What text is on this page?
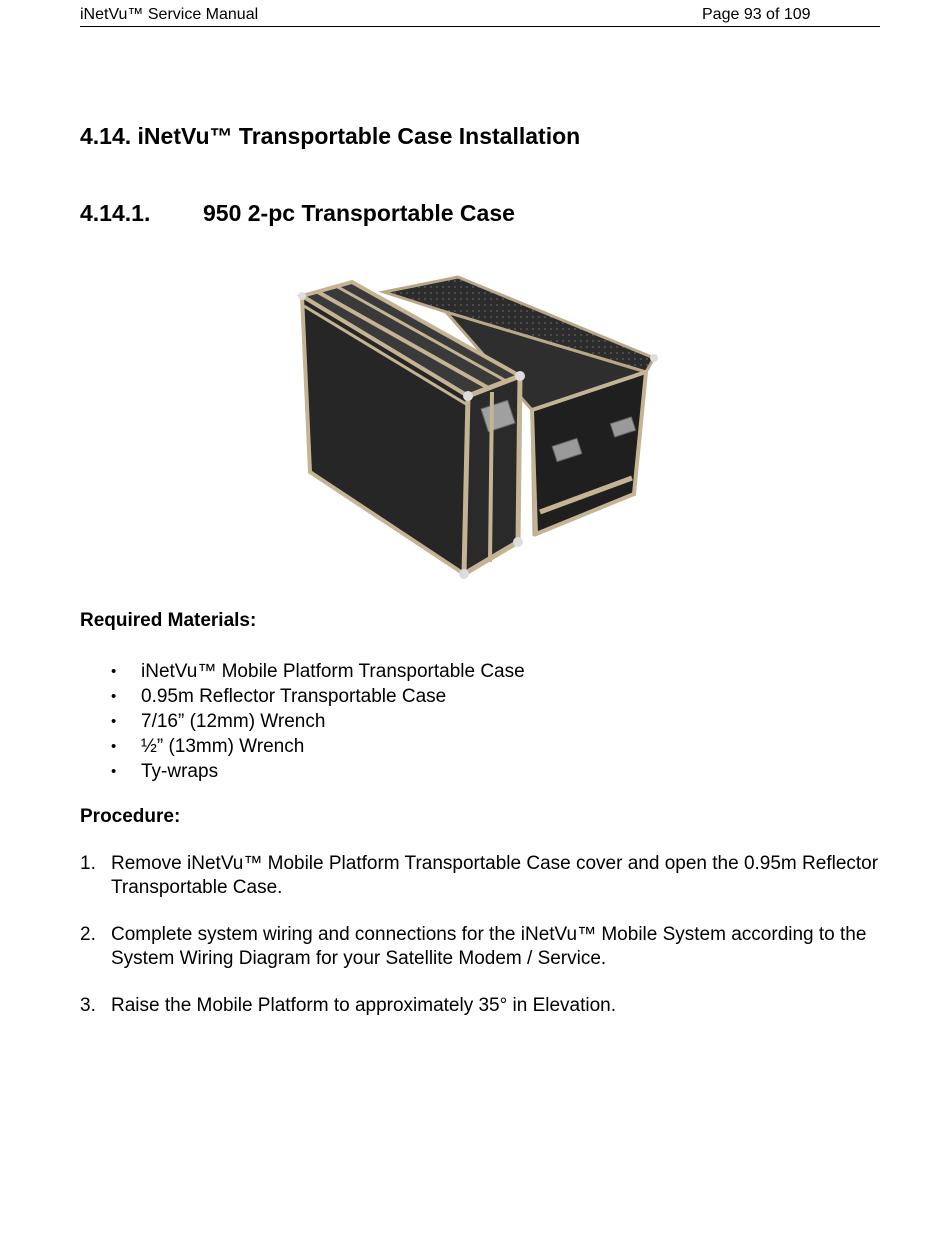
iNetVu™ Service Manual	Page 93 of 109
4.14. iNetVu™ Transportable Case Installation
4.14.1. 950 2-pc Transportable Case
Required Materials:
• iNetVu™ Mobile Platform Transportable Case
• 0.95m Reflector Transportable Case
• 7/16” (12mm) Wrench
• ½” (13mm) Wrench
• Ty-wraps
Procedure:
1. Remove iNetVu™ Mobile Platform Transportable Case cover and open the 0.95m Reflector Transportable Case.
2. Complete system wiring and connections for the iNetVu™ Mobile System according to the System Wiring Diagram for your Satellite Modem / Service.
3. Raise the Mobile Platform to approximately 35° in Elevation.
